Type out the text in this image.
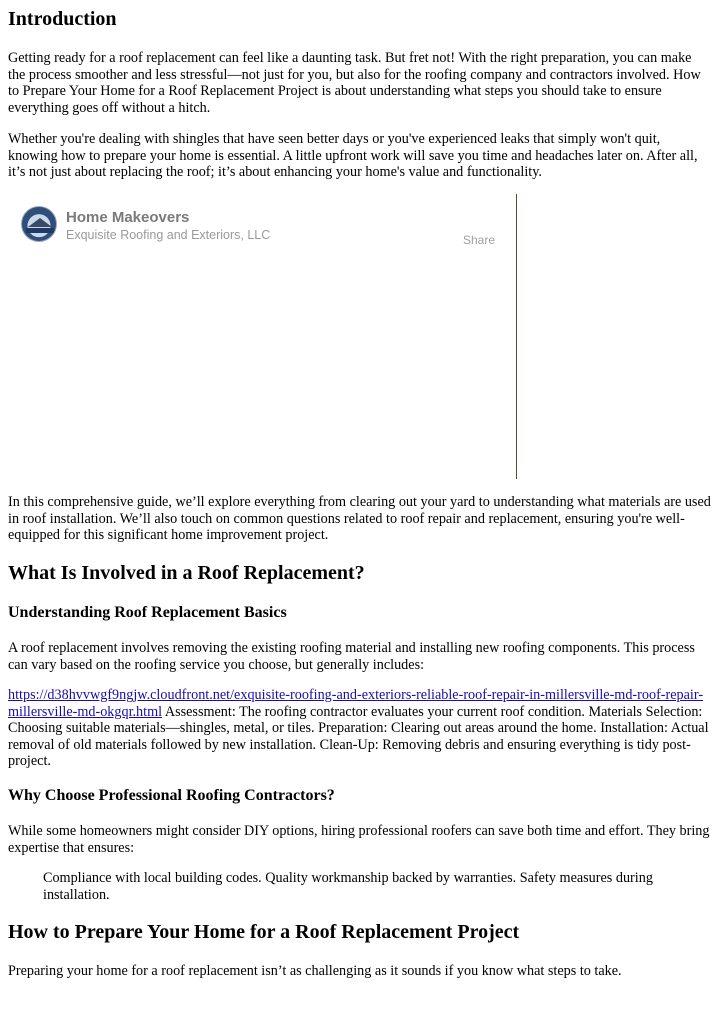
Introduction

Getting ready for a roof replacement can feel like a daunting task. But fret not! With the right preparation, you can make the process smoother and less stressful—not just for you, but also for the roofing company and contractors involved. How to Prepare Your Home for a Roof Replacement Project is about understanding what steps you should take to ensure everything goes off without a hitch.

Whether you're dealing with shingles that have seen better days or you've experienced leaks that simply won't quit, knowing how to prepare your home is essential. A little upfront work will save you time and headaches later on. After all, it’s not just about replacing the roof; it’s about enhancing your home's value and functionality.

Home Makeovers
Exquisite Roofing and Exteriors, LLC	Share

In this comprehensive guide, we’ll explore everything from clearing out your yard to understanding what materials are used in roof installation. We’ll also touch on common questions related to roof repair and replacement, ensuring you're well-equipped for this significant home improvement project.

What Is Involved in a Roof Replacement?
Understanding Roof Replacement Basics

A roof replacement involves removing the existing roofing material and installing new roofing components. This process can vary based on the roofing service you choose, but generally includes:

https://d38hvvwgf9ngjw.cloudfront.net/exquisite-roofing-and-exteriors-reliable-roof-repair-in-millersville-md-roof-repair-millersville-md-okgqr.html Assessment: The roofing contractor evaluates your current roof condition. Materials Selection: Choosing suitable materials—shingles, metal, or tiles. Preparation: Clearing out areas around the home. Installation: Actual removal of old materials followed by new installation. Clean-Up: Removing debris and ensuring everything is tidy post-project.

Why Choose Professional Roofing Contractors?

While some homeowners might consider DIY options, hiring professional roofers can save both time and effort. They bring expertise that ensures:

Compliance with local building codes. Quality workmanship backed by warranties. Safety measures during installation.
How to Prepare Your Home for a Roof Replacement Project

Preparing your home for a roof replacement isn’t as challenging as it sounds if you know what steps to take.
